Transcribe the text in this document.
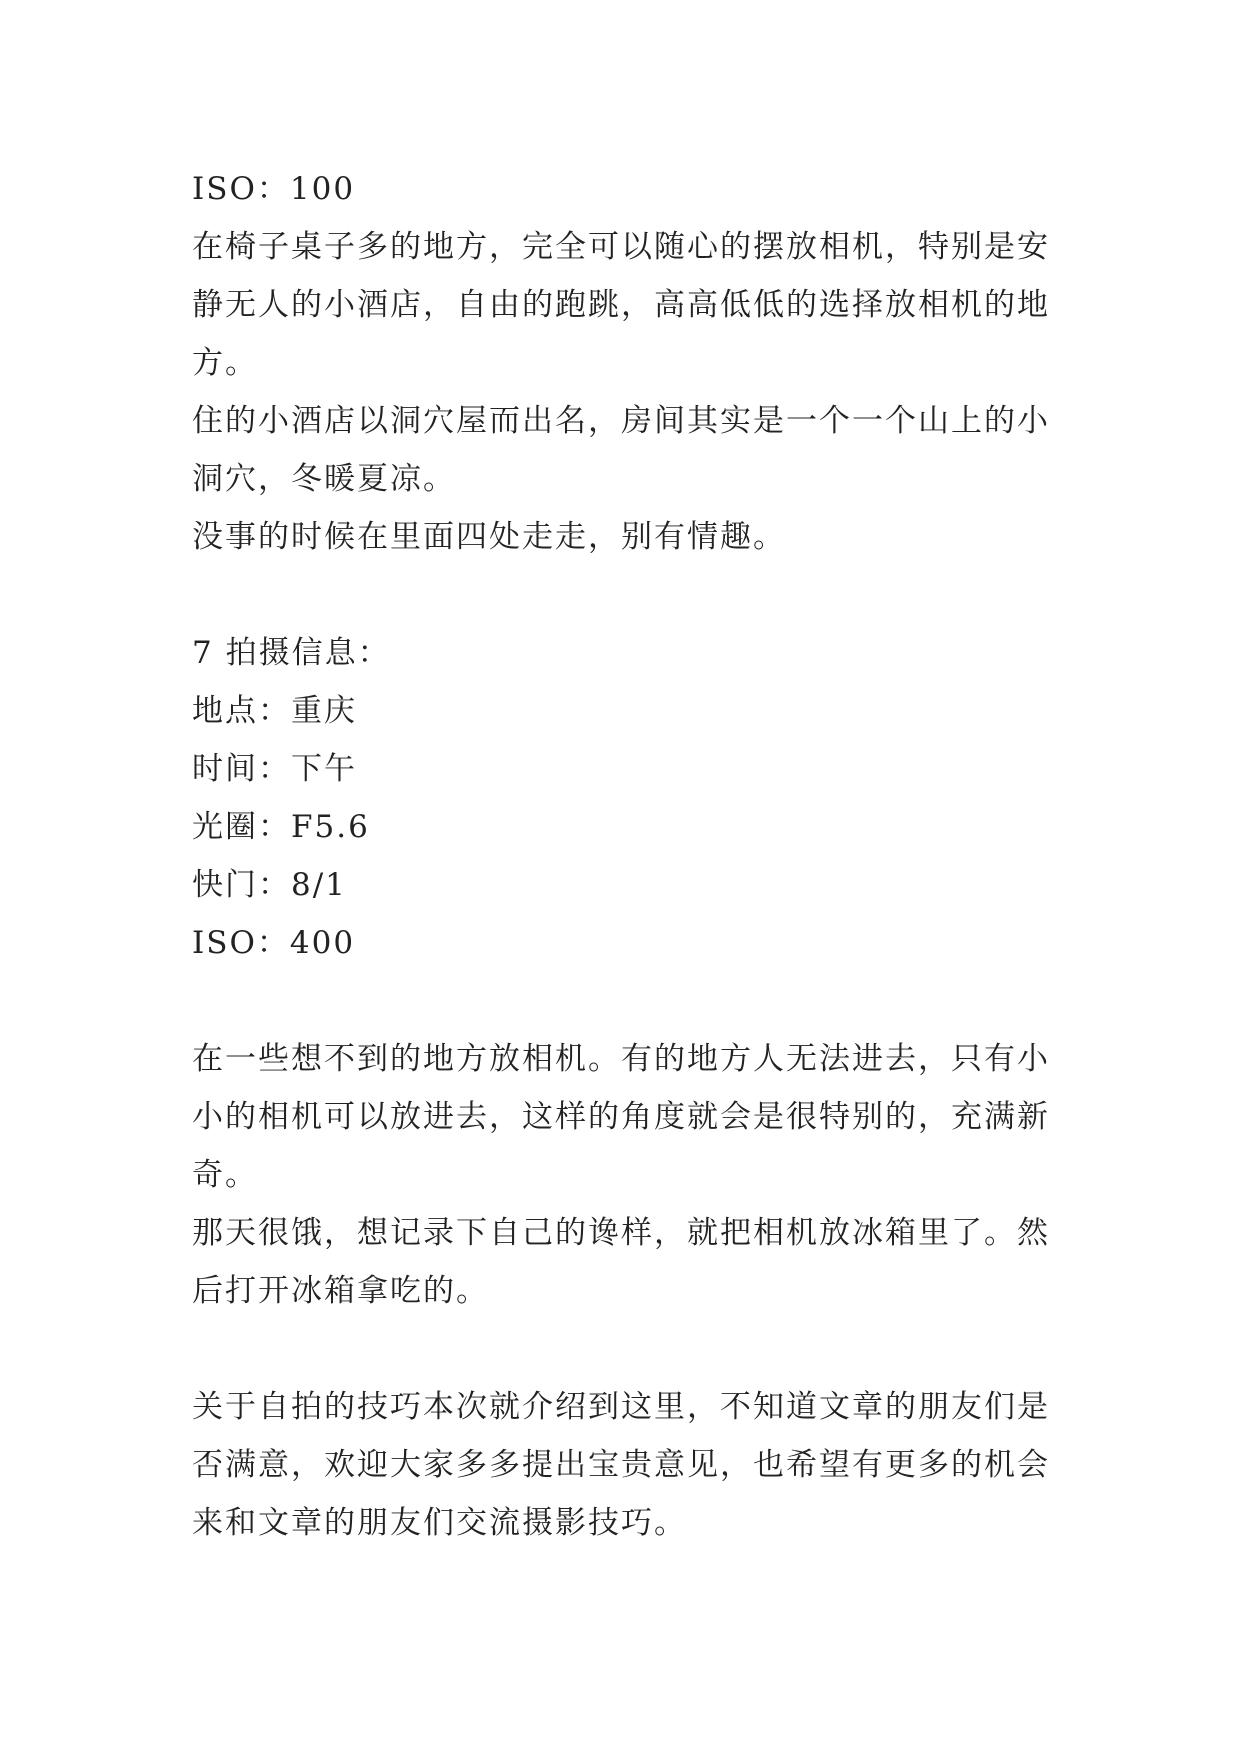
ISO：100
在椅子桌子多的地方，完全可以随心的摆放相机，特别是安
静无人的小酒店，自由的跑跳，高高低低的选择放相机的地
方。
住的小酒店以洞穴屋而出名，房间其实是一个一个山上的小
洞穴，冬暖夏凉。
没事的时候在里面四处走走，别有情趣。
7 拍摄信息：
地点：重庆
时间：下午
光圈：F5.6
快门：8/1
ISO：400
在一些想不到的地方放相机。有的地方人无法进去，只有小
小的相机可以放进去，这样的角度就会是很特别的，充满新
奇。
那天很饿，想记录下自己的谗样，就把相机放冰箱里了。然
后打开冰箱拿吃的。
关于自拍的技巧本次就介绍到这里，不知道文章的朋友们是
否满意，欢迎大家多多提出宝贵意见，也希望有更多的机会
来和文章的朋友们交流摄影技巧。
